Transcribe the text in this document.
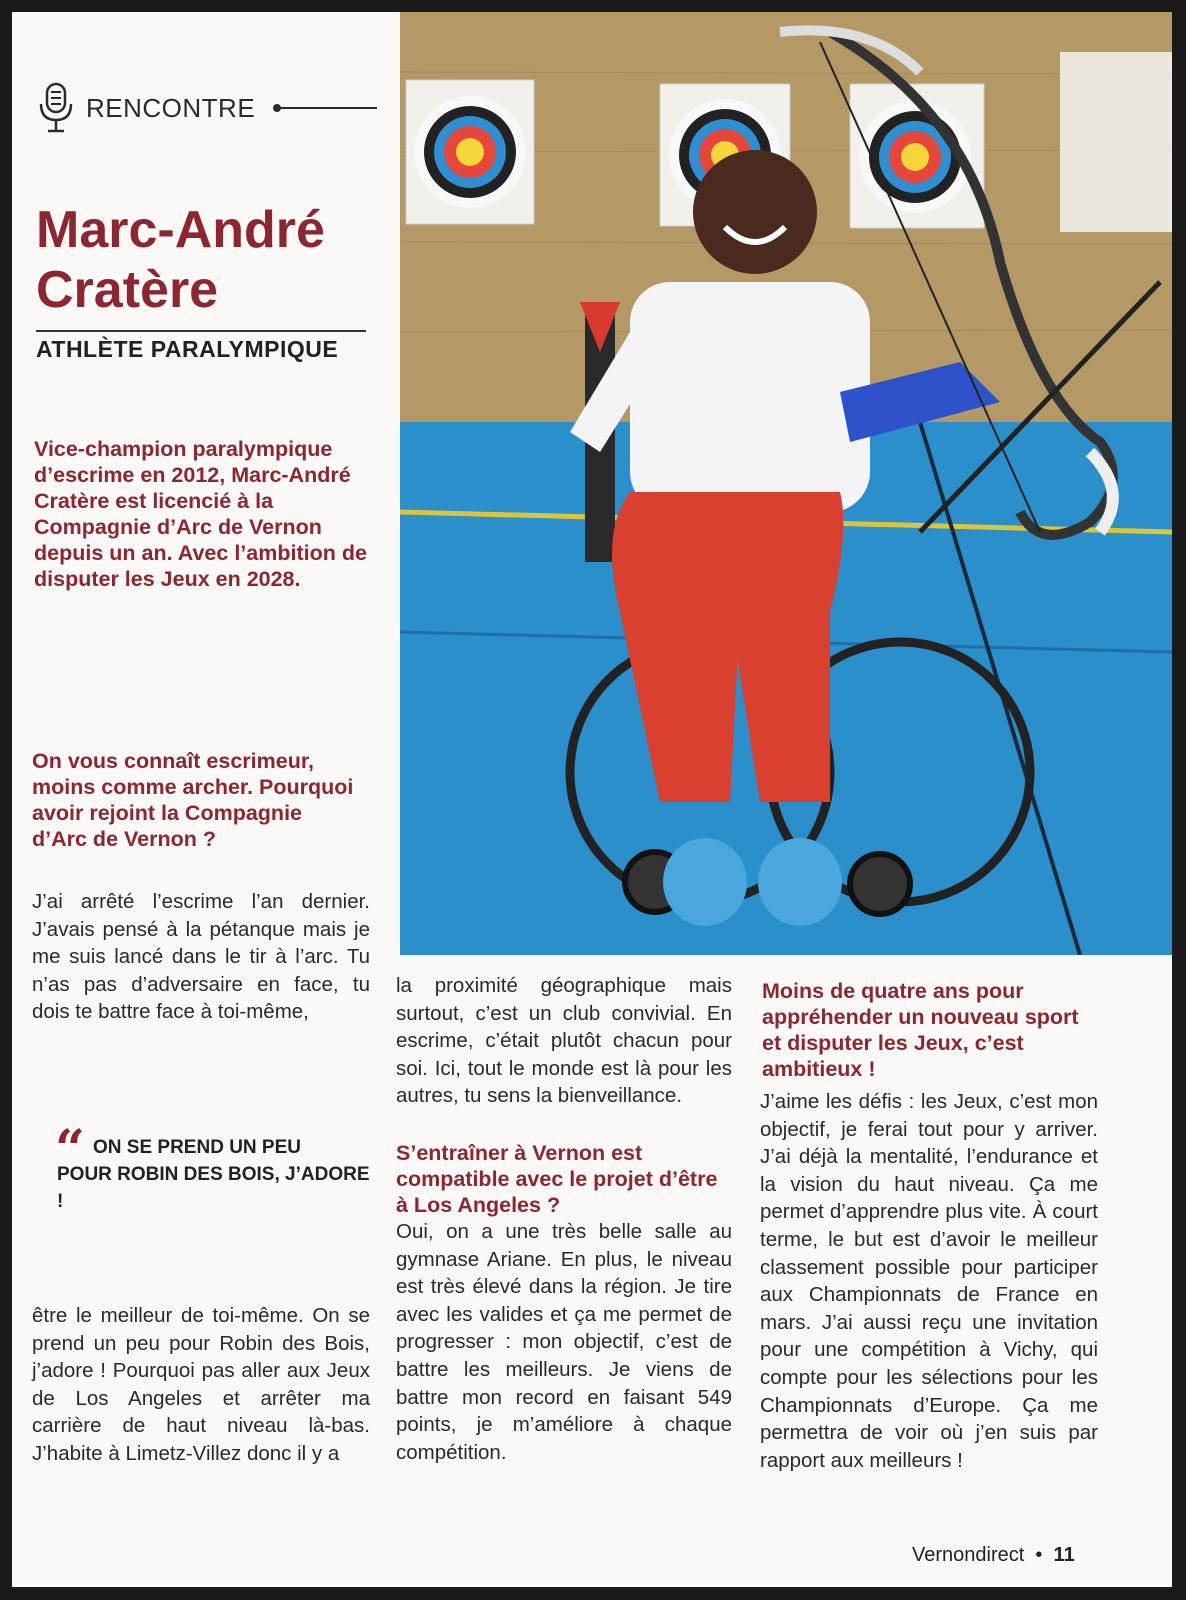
RENCONTRE
Marc-André
Cratère
ATHLÈTE PARALYMPIQUE
Vice-champion paralympique d’escrime en 2012, Marc-André Cratère est licencié à la Compagnie d’Arc de Vernon depuis un an. Avec l’ambition de disputer les Jeux en 2028.
On vous connaît escrimeur, moins comme archer. Pourquoi avoir rejoint la Compagnie d’Arc de Vernon ?
J’ai arrêté l’escrime l’an dernier. J’avais pensé à la pétanque mais je me suis lancé dans le tir à l’arc. Tu n’as pas d’adversaire en face, tu dois te battre face à toi-même,
“ ON SE PREND UN PEU
POUR ROBIN DES BOIS, J’ADORE !
être le meilleur de toi-même. On se prend un peu pour Robin des Bois, j’adore ! Pourquoi pas aller aux Jeux de Los Angeles et arrêter ma carrière de haut niveau là-bas. J’habite à Limetz-Villez donc il y a
la proximité géographique mais surtout, c’est un club convivial. En escrime, c’était plutôt chacun pour soi. Ici, tout le monde est là pour les autres, tu sens la bienveillance.
S’entraîner à Vernon est compatible avec le projet d’être à Los Angeles ?
Oui, on a une très belle salle au gymnase Ariane. En plus, le niveau est très élevé dans la région. Je tire avec les valides et ça me permet de progresser : mon objectif, c’est de battre les meilleurs. Je viens de battre mon record en faisant 549 points, je m’améliore à chaque compétition.
Moins de quatre ans pour appréhender un nouveau sport et disputer les Jeux, c’est ambitieux !
J’aime les défis : les Jeux, c’est mon objectif, je ferai tout pour y arriver. J’ai déjà la mentalité, l’endurance et la vision du haut niveau. Ça me permet d’apprendre plus vite. À court terme, le but est d’avoir le meilleur classement possible pour participer aux Championnats de France en mars. J’ai aussi reçu une invitation pour une compétition à Vichy, qui compte pour les sélections pour les Championnats d’Europe. Ça me permettra de voir où j’en suis par rapport aux meilleurs !
Vernondirect  •  11
